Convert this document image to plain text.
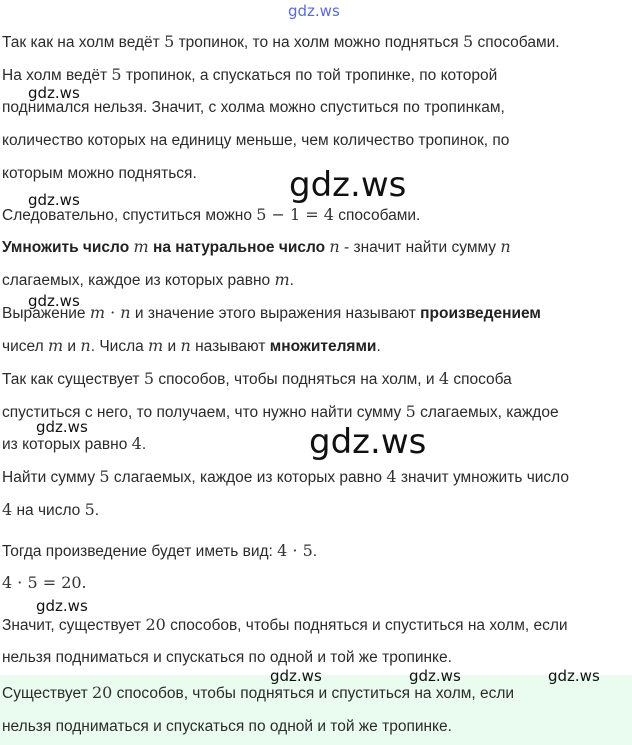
gdz.ws
gdz.ws
gdz.ws
gdz.ws
gdz.ws
gdz.ws	gdz.ws
gdz.ws
gdz.ws	gdz.ws	gdz.ws
Так как на холм ведёт 5 тропинок, то на холм можно подняться 5 способами.
На холм ведёт 5 тропинок, а спускаться по той тропинке, по которой
поднимался нельзя. Значит, с холма можно спуститься по тропинкам,
количество которых на единицу меньше, чем количество тропинок, по
которым можно подняться.
Следовательно, спуститься можно 5 − 1 = 4 способами.
Умножить число m на натуральное число n - значит найти сумму n
слагаемых, каждое из которых равно m.
Выражение m · n и значение этого выражения называют произведением
чисел m и n. Числа m и n называют множителями.
Так как существует 5 способов, чтобы подняться на холм, и 4 способа
спуститься с него, то получаем, что нужно найти сумму 5 слагаемых, каждое
из которых равно 4.
Найти сумму 5 слагаемых, каждое из которых равно 4 значит умножить число
4 на число 5.
Тогда произведение будет иметь вид: 4 · 5.
4 · 5 = 20.
Значит, существует 20 способов, чтобы подняться и спуститься на холм, если
нельзя подниматься и спускаться по одной и той же тропинке.
Существует 20 способов, чтобы подняться и спуститься на холм, если
нельзя подниматься и спускаться по одной и той же тропинке.
